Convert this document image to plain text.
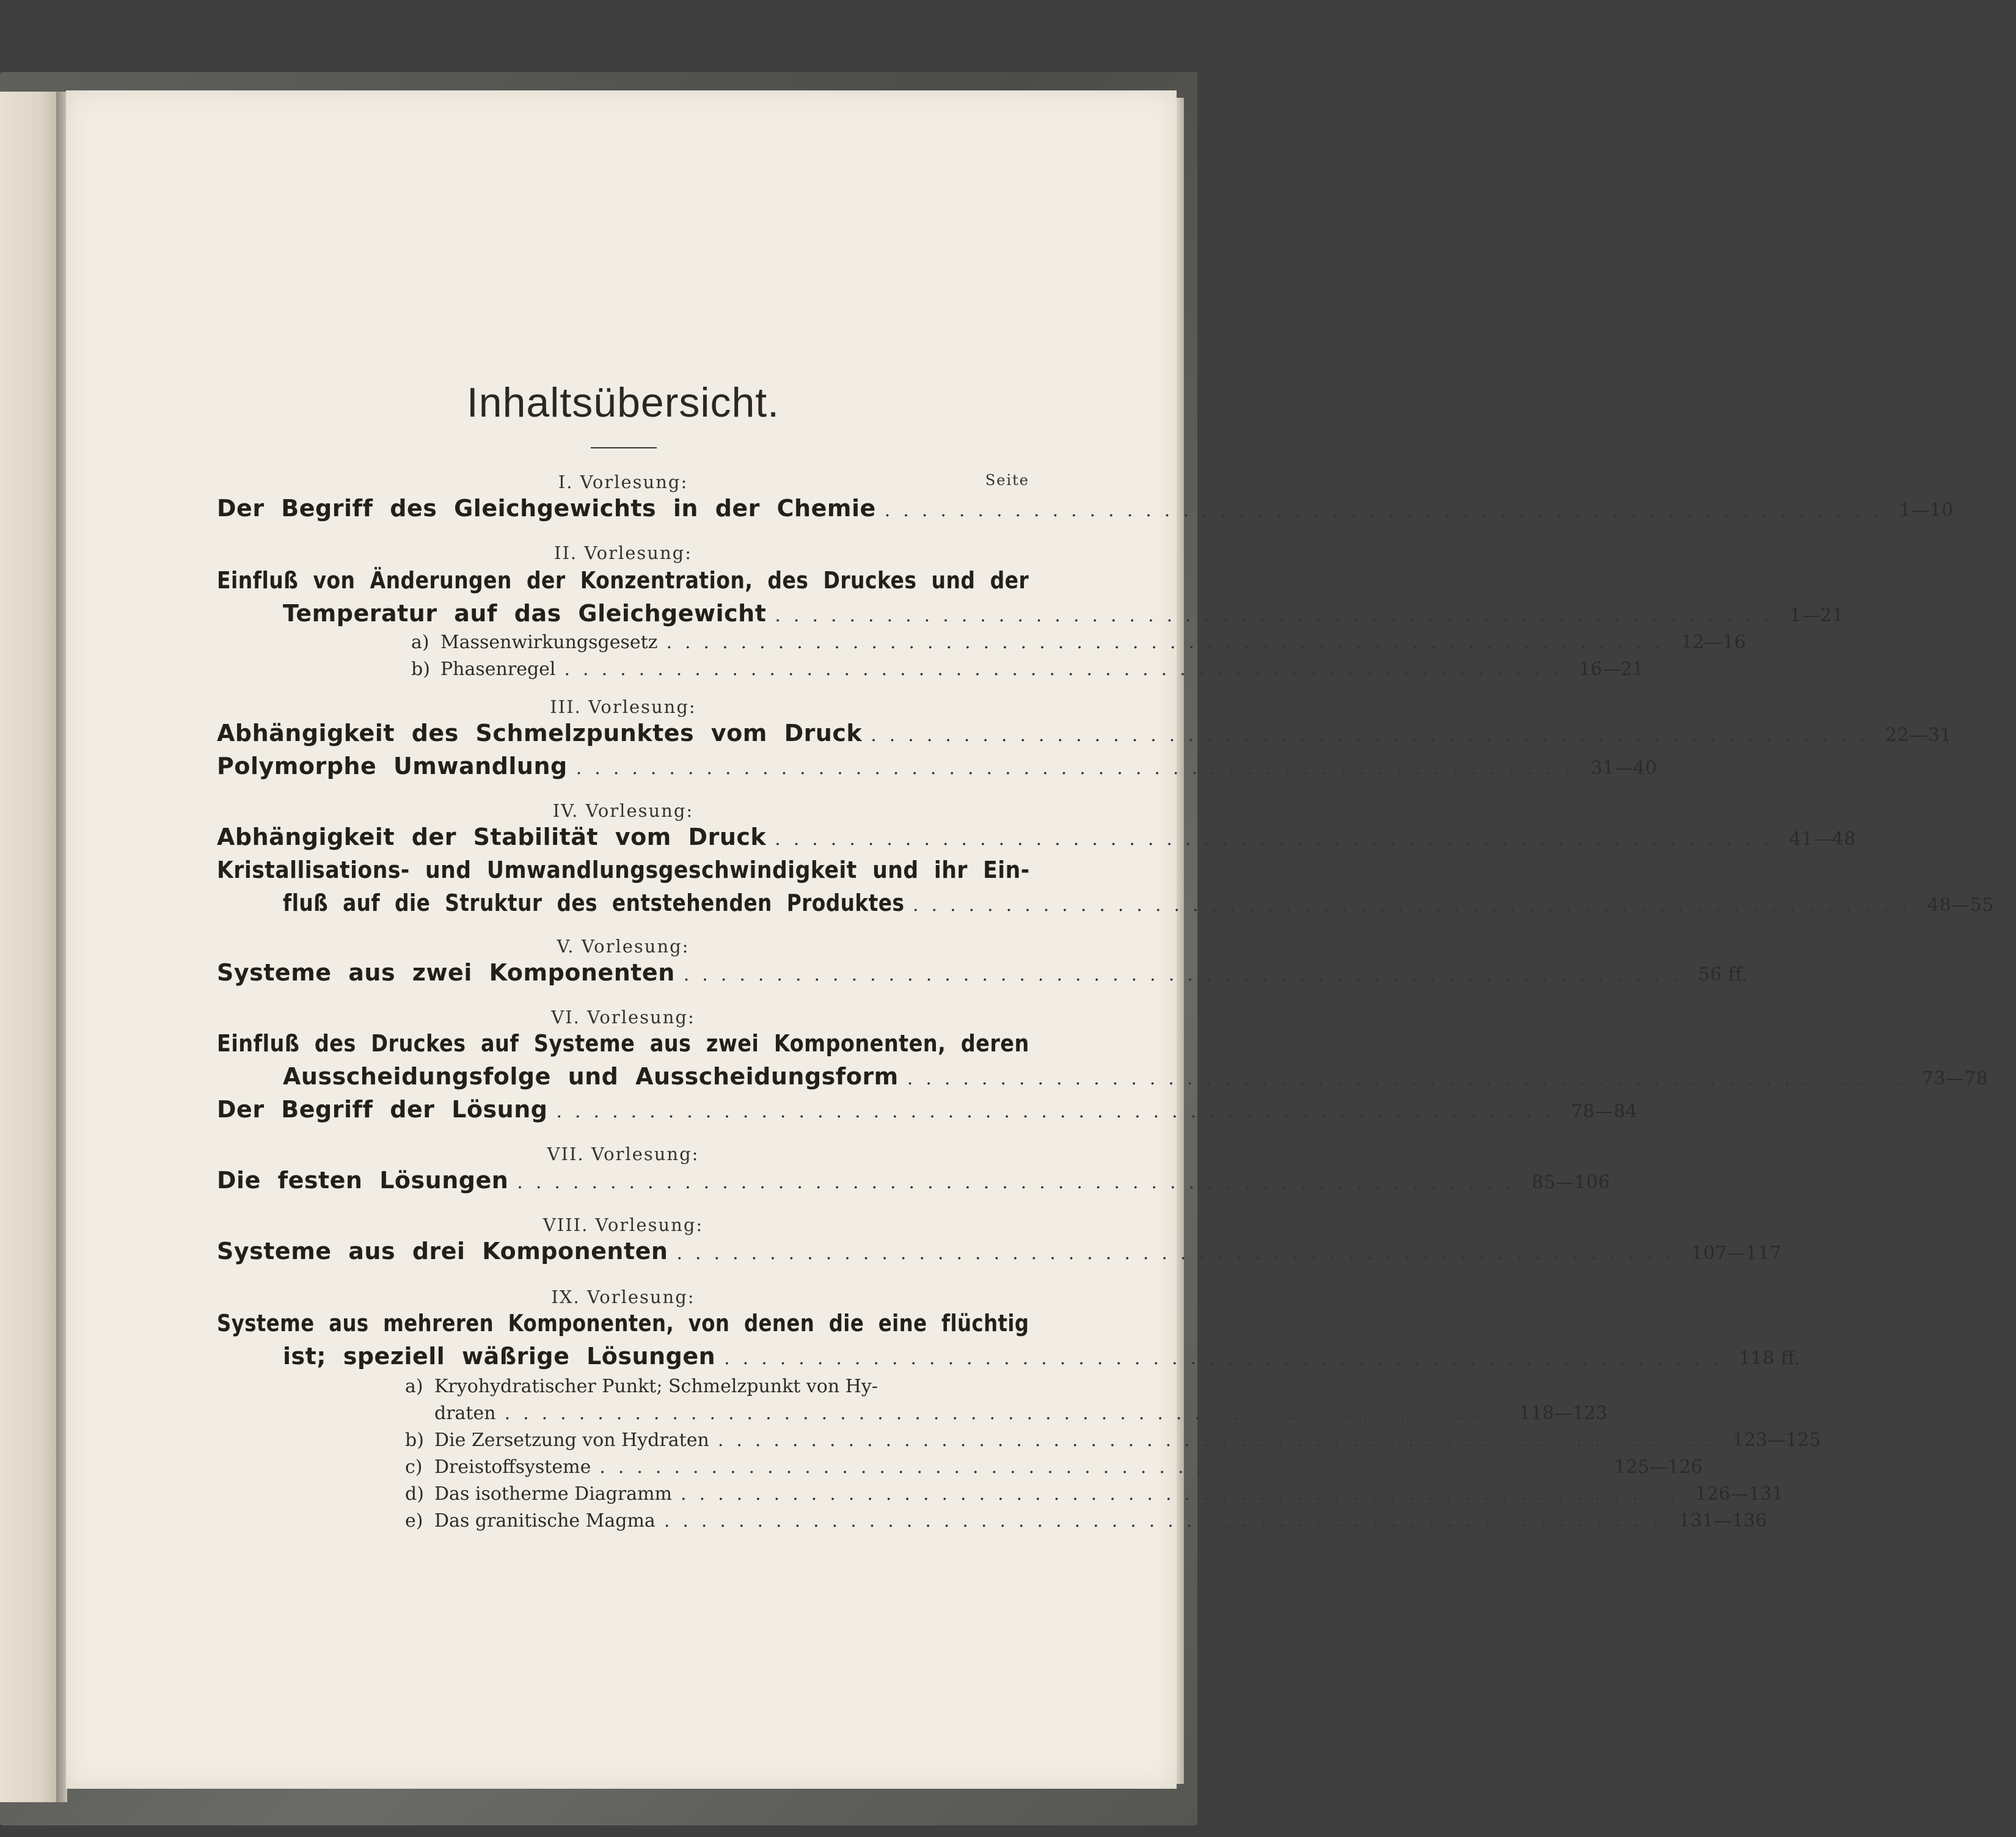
Inhaltsübersicht.
I. Vorlesung:	Seite
Der Begriff des Gleichgewichts in der Chemie ...................................................... 1—10
II. Vorlesung:
Einfluß von Änderungen der Konzentration, des Druckes und der
Temperatur auf das Gleichgewicht ...................................................... 1—21
a) Massenwirkungsgesetz ...................................................... 12—16
b) Phasenregel ...................................................... 16—21
III. Vorlesung:
Abhängigkeit des Schmelzpunktes vom Druck ...................................................... 22—31
Polymorphe Umwandlung ...................................................... 31—40
IV. Vorlesung:
Abhängigkeit der Stabilität vom Druck ...................................................... 41—48
Kristallisations- und Umwandlungsgeschwindigkeit und ihr Ein-
fluß auf die Struktur des entstehenden Produktes ...................................................... 48—55
V. Vorlesung:
Systeme aus zwei Komponenten ...................................................... 56 ff.
VI. Vorlesung:
Einfluß des Druckes auf Systeme aus zwei Komponenten, deren
Ausscheidungsfolge und Ausscheidungsform ...................................................... 73—78
Der Begriff der Lösung ...................................................... 78—84
VII. Vorlesung:
Die festen Lösungen ...................................................... 85—106
VIII. Vorlesung:
Systeme aus drei Komponenten ...................................................... 107—117
IX. Vorlesung:
Systeme aus mehreren Komponenten, von denen die eine flüchtig
ist; speziell wäßrige Lösungen ...................................................... 118 ff.
a) Kryohydratischer Punkt; Schmelzpunkt von Hy-
draten ...................................................... 118—123
b) Die Zersetzung von Hydraten ...................................................... 123—125
c) Dreistoffsysteme ...................................................... 125—126
d) Das isotherme Diagramm ...................................................... 126—131
e) Das granitische Magma ...................................................... 131—136
